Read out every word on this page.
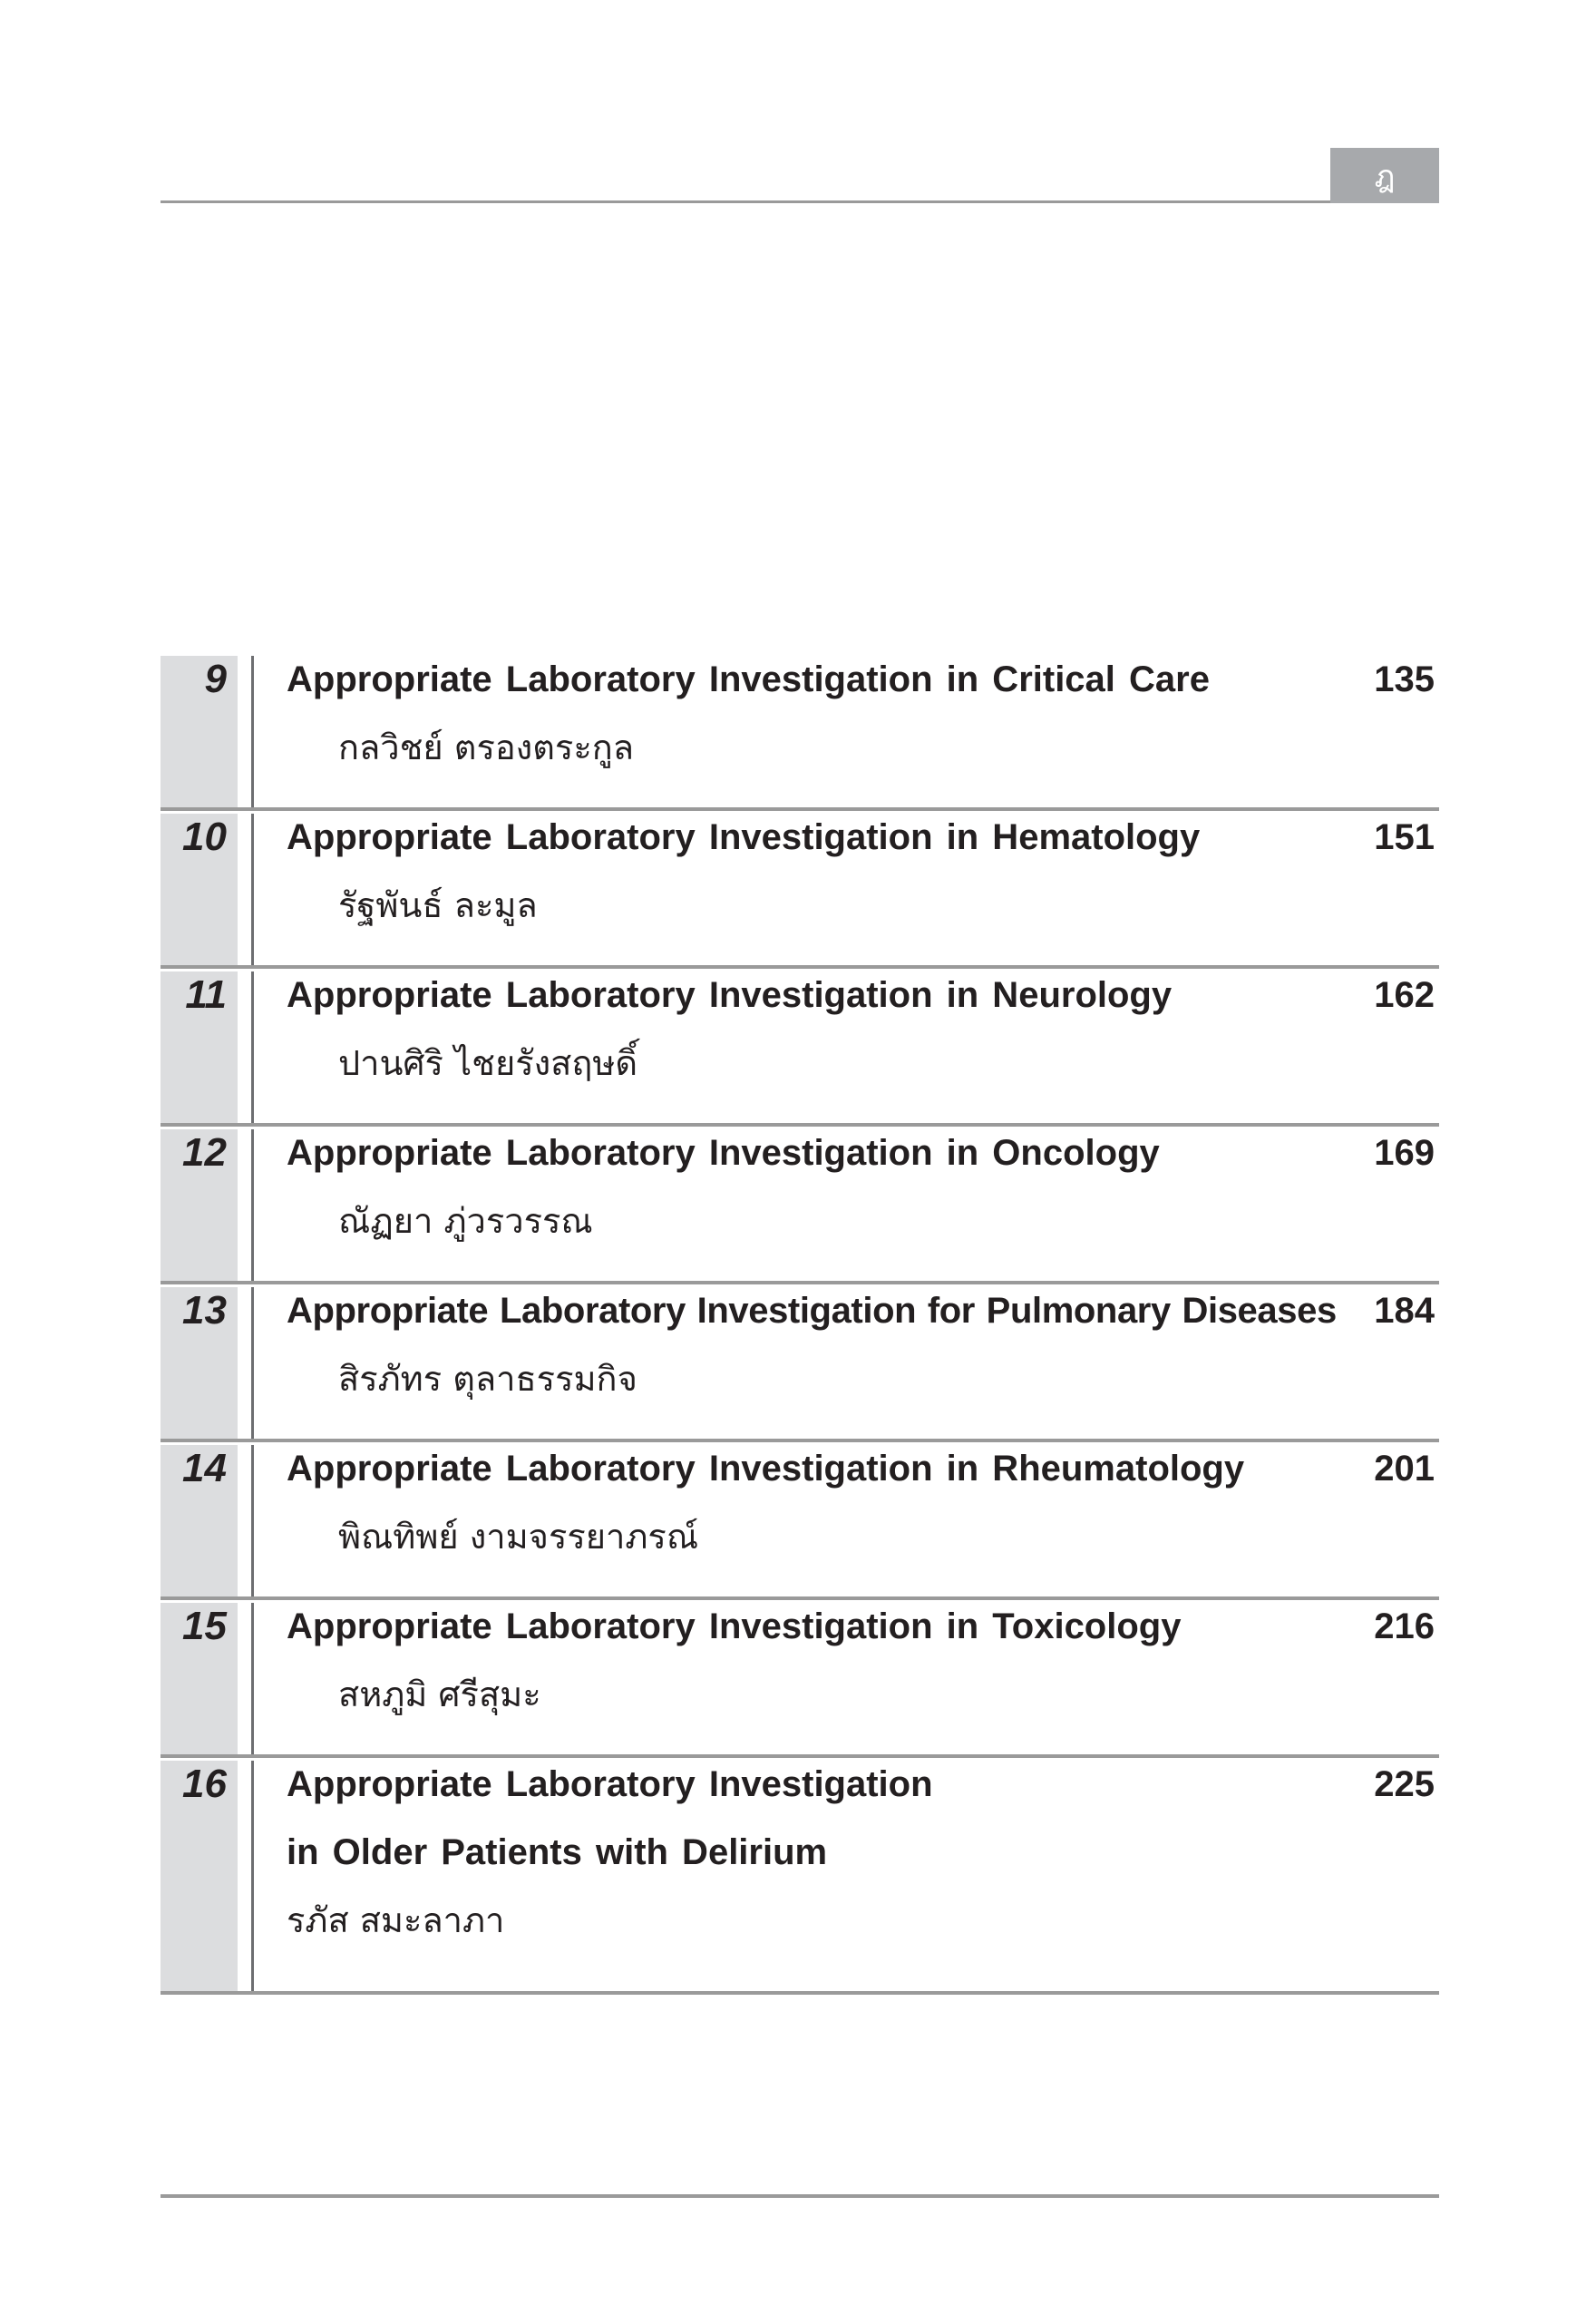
ฎ
9 Appropriate Laboratory Investigation in Critical Care
กลวิชย์ ตรองตระกูล
135
10 Appropriate Laboratory Investigation in Hematology
รัฐพันธ์ ละมูล
151
11 Appropriate Laboratory Investigation in Neurology
ปานศิริ ไชยรังสฤษดิ์
162
12 Appropriate Laboratory Investigation in Oncology
ณัฏยา ภู่วรวรรณ
169
13 Appropriate Laboratory Investigation for Pulmonary Diseases
สิรภัทร ตุลาธรรมกิจ
184
14 Appropriate Laboratory Investigation in Rheumatology
พิณทิพย์ งามจรรยาภรณ์
201
15 Appropriate Laboratory Investigation in Toxicology
สหภูมิ ศรีสุมะ
216
16 Appropriate Laboratory Investigation
in Older Patients with Delirium
รภัส สมะลาภา
225
